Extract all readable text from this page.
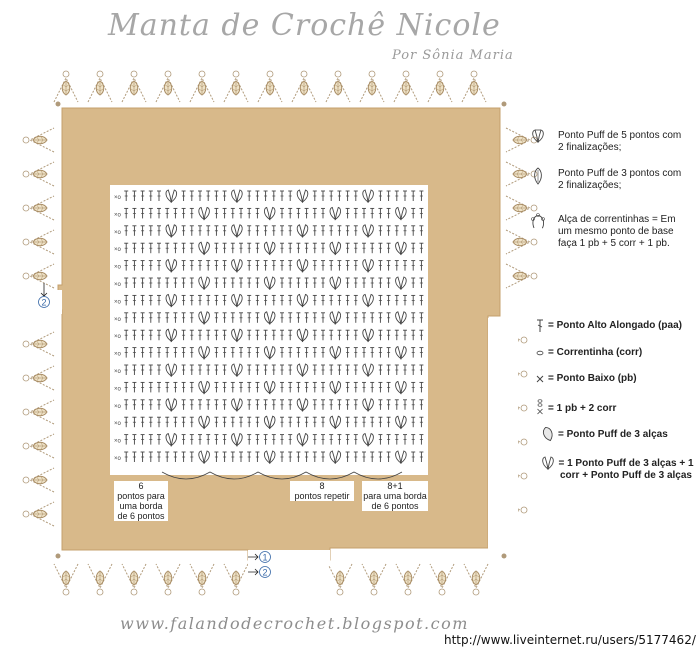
Manta de Crochê Nicole
Por Sônia Maria
×o
×o
×o
×o
×o
×o
×o
×o
×o
×o
×o
×o
×o
×o
×o
×o
2
1
2
6
pontos para uma borda de 6 pontos
8
pontos repetir
8+1
para uma borda de 6 pontos
Ponto Puff de 5 pontos com 2 finalizações;
Ponto Puff de 3 pontos com 2 finalizações;
Alça de correntinhas = Em um mesmo ponto de base faça 1 pb + 5 corr + 1 pb.
= Ponto Alto Alongado (paa)
= Correntinha (corr)
= Ponto Baixo (pb)
= 1 pb + 2 corr
= Ponto Puff de 3 alças
= 1 Ponto Puff de 3 alças + 1 corr + Ponto Puff de 3 alças
www.falandodecrochet.blogspot.com
http://www.liveinternet.ru/users/5177462/
